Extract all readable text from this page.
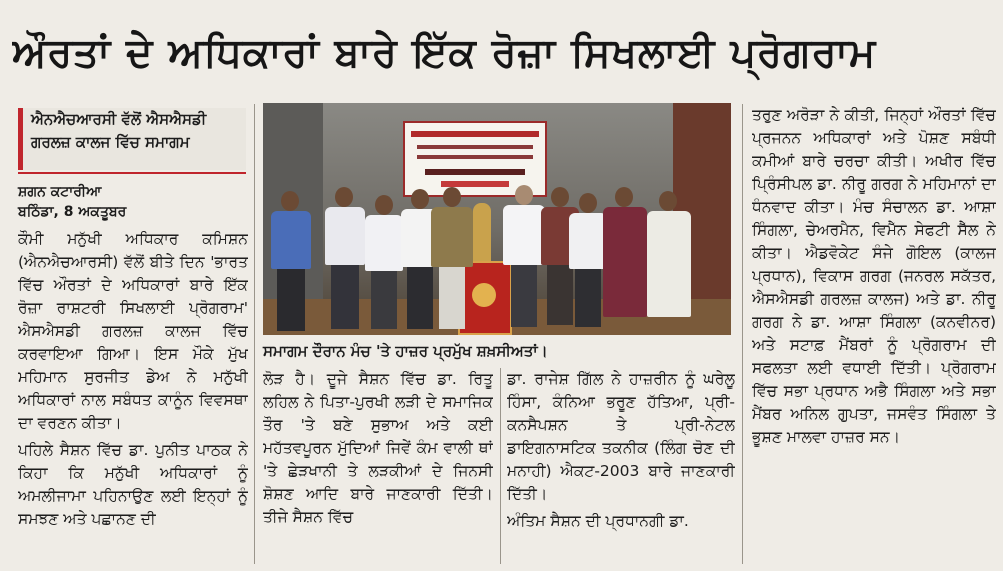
ਔਰਤਾਂ ਦੇ ਅਧਿਕਾਰਾਂ ਬਾਰੇ ਇੱਕ ਰੋਜ਼ਾ ਸਿਖਲਾਈ ਪ੍ਰੋਗਰਾਮ
ਐਨਐਚਆਰਸੀ ਵੱਲੋਂ ਐਸਐਸਡੀ
ਗਰਲਜ਼ ਕਾਲਜ ਵਿੱਚ ਸਮਾਗਮ
ਸ਼ਗਨ ਕਟਾਰੀਆ
ਬਠਿੰਡਾ, 8 ਅਕਤੂਬਰ

ਕੌਮੀ ਮਨੁੱਖੀ ਅਧਿਕਾਰ ਕਮਿਸ਼ਨ (ਐਨਐਚਆਰਸੀ) ਵੱਲੋਂ ਬੀਤੇ ਦਿਨ 'ਭਾਰਤ ਵਿੱਚ ਔਰਤਾਂ ਦੇ ਅਧਿਕਾਰਾਂ ਬਾਰੇ ਇੱਕ ਰੋਜ਼ਾ ਰਾਸ਼ਟਰੀ ਸਿਖਲਾਈ ਪ੍ਰੋਗਰਾਮ' ਐਸਐਸਡੀ ਗਰਲਜ਼ ਕਾਲਜ ਵਿੱਚ ਕਰਵਾਇਆ ਗਿਆ। ਇਸ ਮੌਕੇ ਮੁੱਖ ਮਹਿਮਾਨ ਸੁਰਜੀਤ ਡੇਅ ਨੇ ਮਨੁੱਖੀ ਅਧਿਕਾਰਾਂ ਨਾਲ ਸਬੰਧਤ ਕਾਨੂੰਨ ਵਿਵਸਥਾ ਦਾ ਵਰਣਨ ਕੀਤਾ।

ਪਹਿਲੇ ਸੈਸ਼ਨ ਵਿੱਚ ਡਾ. ਪੁਨੀਤ ਪਾਠਕ ਨੇ ਕਿਹਾ ਕਿ ਮਨੁੱਖੀ ਅਧਿਕਾਰਾਂ ਨੂੰ ਅਮਲੀਜਾਮਾ ਪਹਿਨਾਉਣ ਲਈ ਇਨ੍ਹਾਂ ਨੂੰ ਸਮਝਣ ਅਤੇ ਪਛਾਨਣ ਦੀ

ਸਮਾਗਮ ਦੌਰਾਨ ਮੰਚ 'ਤੇ ਹਾਜ਼ਰ ਪ੍ਰਮੁੱਖ ਸ਼ਖ਼ਸੀਅਤਾਂ।

ਲੋੜ ਹੈ। ਦੂਜੇ ਸੈਸ਼ਨ ਵਿੱਚ ਡਾ. ਰਿਤੂ ਲਹਿਲ ਨੇ ਪਿਤਾ-ਪੁਰਖੀ ਲੜੀ ਦੇ ਸਮਾਜਿਕ ਤੌਰ 'ਤੇ ਬਣੇ ਸੁਭਾਅ ਅਤੇ ਕਈ ਮਹੱਤਵਪੂਰਨ ਮੁੱਦਿਆਂ ਜਿਵੇਂ ਕੰਮ ਵਾਲੀ ਥਾਂ 'ਤੇ ਛੇੜਖਾਨੀ ਤੇ ਲੜਕੀਆਂ ਦੇ ਜਿਨਸੀ ਸ਼ੋਸ਼ਣ ਆਦਿ ਬਾਰੇ ਜਾਣਕਾਰੀ ਦਿੱਤੀ। ਤੀਜੇ ਸੈਸ਼ਨ ਵਿੱਚ

ਡਾ. ਰਾਜੇਸ਼ ਗਿੱਲ ਨੇ ਹਾਜ਼ਰੀਨ ਨੂੰ ਘਰੇਲੂ ਹਿੰਸਾ, ਕੰਨਿਆ ਭਰੂਣ ਹੱਤਿਆ, ਪ੍ਰੀ-ਕਨਸੈਪਸ਼ਨ ਤੇ ਪ੍ਰੀ-ਨੇਟਲ ਡਾਇਗਨਾਸਟਿਕ ਤਕਨੀਕ (ਲਿੰਗ ਚੋਣ ਦੀ ਮਨਾਹੀ) ਐਕਟ-2003 ਬਾਰੇ ਜਾਣਕਾਰੀ ਦਿੱਤੀ।

ਅੰਤਿਮ ਸੈਸ਼ਨ ਦੀ ਪ੍ਰਧਾਨਗੀ ਡਾ.

ਤਰੁਣ ਅਰੋੜਾ ਨੇ ਕੀਤੀ, ਜਿਨ੍ਹਾਂ ਔਰਤਾਂ ਵਿੱਚ ਪ੍ਰਜਨਨ ਅਧਿਕਾਰਾਂ ਅਤੇ ਪੋਸ਼ਣ ਸਬੰਧੀ ਕਮੀਆਂ ਬਾਰੇ ਚਰਚਾ ਕੀਤੀ। ਅਖੀਰ ਵਿੱਚ ਪ੍ਰਿੰਸੀਪਲ ਡਾ. ਨੀਰੂ ਗਰਗ ਨੇ ਮਹਿਮਾਨਾਂ ਦਾ ਧੰਨਵਾਦ ਕੀਤਾ। ਮੰਚ ਸੰਚਾਲਨ ਡਾ. ਆਸ਼ਾ ਸਿੰਗਲਾ, ਚੇਅਰਮੈਨ, ਵਿਮੈੱਨ ਸੇਫਟੀ ਸੈੱਲ ਨੇ ਕੀਤਾ। ਐਡਵੋਕੇਟ ਸੰਜੇ ਗੋਇਲ (ਕਾਲਜ ਪ੍ਰਧਾਨ), ਵਿਕਾਸ ਗਰਗ (ਜਨਰਲ ਸਕੱਤਰ, ਐਸਐਸਡੀ ਗਰਲਜ਼ ਕਾਲਜ) ਅਤੇ ਡਾ. ਨੀਰੂ ਗਰਗ ਨੇ ਡਾ. ਆਸ਼ਾ ਸਿੰਗਲਾ (ਕਨਵੀਨਰ) ਅਤੇ ਸਟਾਫ਼ ਮੈਂਬਰਾਂ ਨੂੰ ਪ੍ਰੋਗਰਾਮ ਦੀ ਸਫਲਤਾ ਲਈ ਵਧਾਈ ਦਿੱਤੀ। ਪ੍ਰੋਗਰਾਮ ਵਿੱਚ ਸਭਾ ਪ੍ਰਧਾਨ ਅਭੈ ਸਿੰਗਲਾ ਅਤੇ ਸਭਾ ਮੈਂਬਰ ਅਨਿਲ ਗੁਪਤਾ, ਜਸਵੰਤ ਸਿੰਗਲਾ ਤੇ ਭੂਸ਼ਣ ਮਾਲਵਾ ਹਾਜ਼ਰ ਸਨ।
